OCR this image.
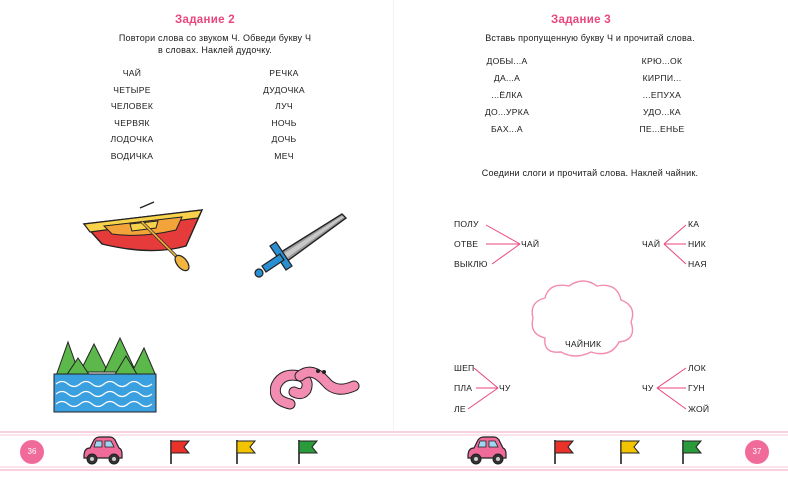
Задание 2
Повтори слова со звуком Ч. Обведи букву Ч
в словах. Наклей дудочку.
ЧАЙ
ЧЕТЫРЕ
ЧЕЛОВЕК
ЧЕРВЯК
ЛОДОЧКА
ВОДИЧКА
РЕЧКА
ДУДОЧКА
ЛУЧ
НОЧЬ
ДОЧЬ
МЕЧ
Задание 3
Вставь пропущенную букву Ч и прочитай слова.
ДОБЫ...А
ДА...А
...ЁЛКА
ДО...УРКА
БАХ...А
КРЮ...ОК
КИРПИ...
...ЕПУХА
УДО...КА
ПЕ...ЕНЬЕ
Соедини слоги и прочитай слова. Наклей чайник.
ПОЛУ
ОТВЕ
ВЫКЛЮ
ЧАЙ	ЧАЙ
КА
НИК
НАЯ
ЧАЙНИК
ШЕП
ПЛА
ЛЕ
ЧУ	ЧУ
ЛОК
ГУН
ЖОЙ
36	37
